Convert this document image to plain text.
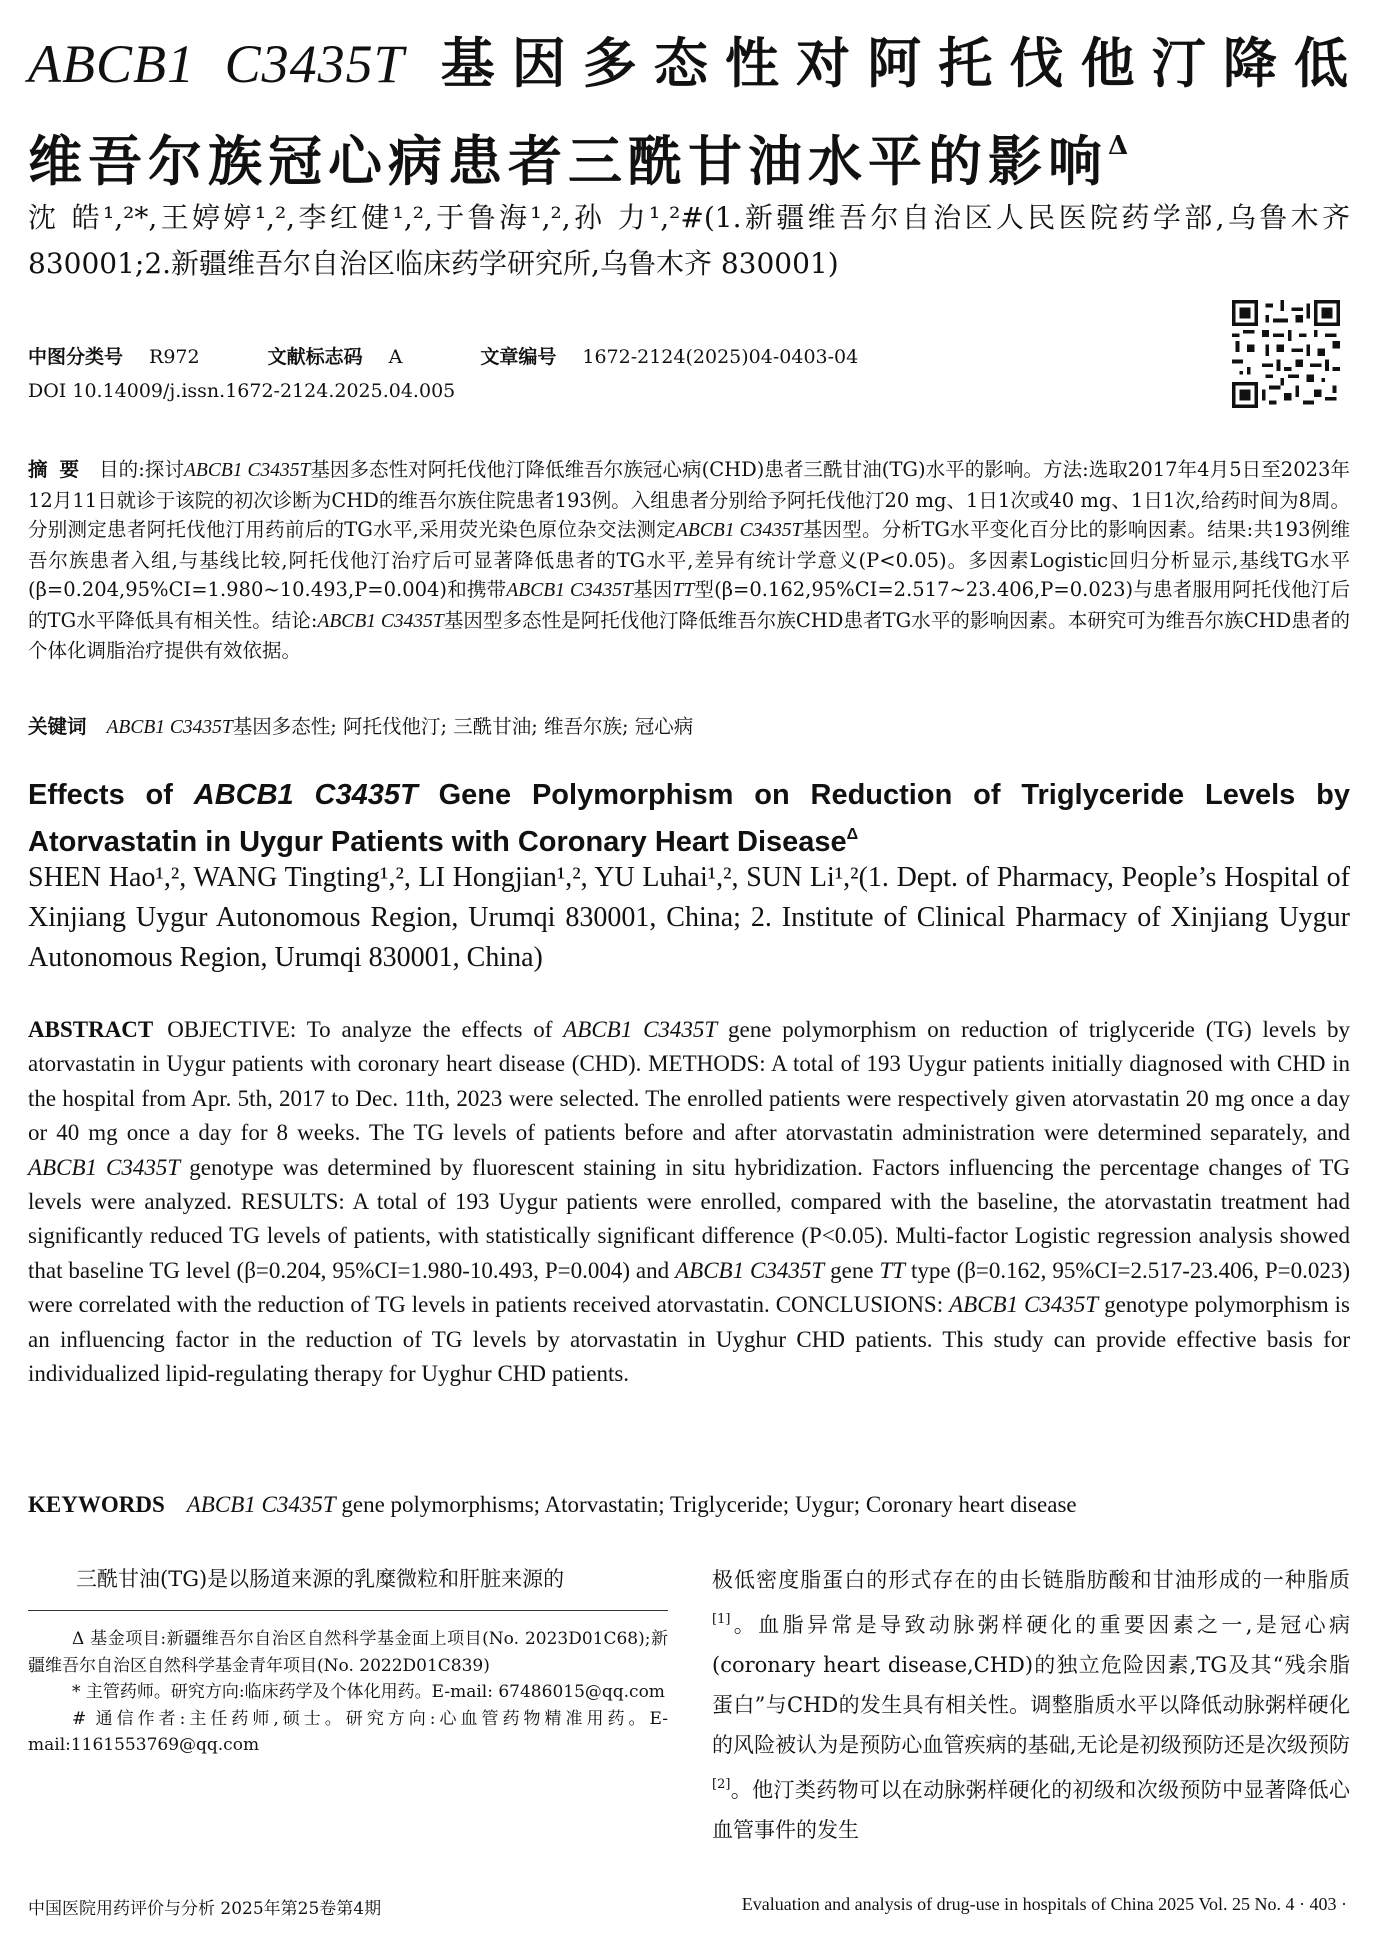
ABCB1 C3435T 基因多态性对阿托伐他汀降低
维吾尔族冠心病患者三酰甘油水平的影响$^\Delta$
沈 皓¹,²*,王婷婷¹,²,李红健¹,²,于鲁海¹,²,孙 力¹,²#(1.新疆维吾尔自治区人民医院药学部,乌鲁木齐
830001;2.新疆维吾尔自治区临床药学研究所,乌鲁木齐 830001)
中图分类号 R972	文献标志码 A	文章编号 1672-2124(2025)04-0403-04
DOI 10.14009/j.issn.1672-2124.2025.04.005
摘要 目的:探讨ABCB1 C3435T基因多态性对阿托伐他汀降低维吾尔族冠心病(CHD)患者三酰甘油(TG)水平的影响。方法:选取2017年4月5日至2023年12月11日就诊于该院的初次诊断为CHD的维吾尔族住院患者193例。入组患者分别给予阿托伐他汀20 mg、1日1次或40 mg、1日1次,给药时间为8周。分别测定患者阿托伐他汀用药前后的TG水平,采用荧光染色原位杂交法测定ABCB1 C3435T基因型。分析TG水平变化百分比的影响因素。结果:共193例维吾尔族患者入组,与基线比较,阿托伐他汀治疗后可显著降低患者的TG水平,差异有统计学意义(P<0.05)。多因素Logistic回归分析显示,基线TG水平(β=0.204,95%CI=1.980~10.493,P=0.004)和携带ABCB1 C3435T基因TT型(β=0.162,95%CI=2.517~23.406,P=0.023)与患者服用阿托伐他汀后的TG水平降低具有相关性。结论:ABCB1 C3435T基因型多态性是阿托伐他汀降低维吾尔族CHD患者TG水平的影响因素。本研究可为维吾尔族CHD患者的个体化调脂治疗提供有效依据。
关键词 ABCB1 C3435T基因多态性; 阿托伐他汀; 三酰甘油; 维吾尔族; 冠心病
Effects of ABCB1 C3435T Gene Polymorphism on Reduction of Triglyceride Levels by
Atorvastatin in Uygur Patients with Coronary Heart Disease$^\Delta$
SHEN Hao¹,², WANG Tingting¹,², LI Hongjian¹,², YU Luhai¹,², SUN Li¹,²(1. Dept. of Pharmacy, People’s Hospital of Xinjiang Uygur Autonomous Region, Urumqi 830001, China; 2. Institute of Clinical Pharmacy of Xinjiang Uygur Autonomous Region, Urumqi 830001, China)
ABSTRACT OBJECTIVE: To analyze the effects of ABCB1 C3435T gene polymorphism on reduction of triglyceride (TG) levels by atorvastatin in Uygur patients with coronary heart disease (CHD). METHODS: A total of 193 Uygur patients initially diagnosed with CHD in the hospital from Apr. 5th, 2017 to Dec. 11th, 2023 were selected. The enrolled patients were respectively given atorvastatin 20 mg once a day or 40 mg once a day for 8 weeks. The TG levels of patients before and after atorvastatin administration were determined separately, and ABCB1 C3435T genotype was determined by fluorescent staining in situ hybridization. Factors influencing the percentage changes of TG levels were analyzed. RESULTS: A total of 193 Uygur patients were enrolled, compared with the baseline, the atorvastatin treatment had significantly reduced TG levels of patients, with statistically significant difference (P<0.05). Multi-factor Logistic regression analysis showed that baseline TG level (β=0.204, 95%CI=1.980-10.493, P=0.004) and ABCB1 C3435T gene TT type (β=0.162, 95%CI=2.517-23.406, P=0.023) were correlated with the reduction of TG levels in patients received atorvastatin. CONCLUSIONS: ABCB1 C3435T genotype polymorphism is an influencing factor in the reduction of TG levels by atorvastatin in Uyghur CHD patients. This study can provide effective basis for individualized lipid-regulating therapy for Uyghur CHD patients.
KEYWORDS ABCB1 C3435T gene polymorphisms; Atorvastatin; Triglyceride; Uygur; Coronary heart disease
三酰甘油(TG)是以肠道来源的乳糜微粒和肝脏来源的

Δ 基金项目:新疆维吾尔自治区自然科学基金面上项目(No. 2023D01C68);新疆维吾尔自治区自然科学基金青年项目(No. 2022D01C839)

* 主管药师。研究方向:临床药学及个体化用药。E-mail: 67486015@qq.com

# 通信作者:主任药师,硕士。研究方向:心血管药物精准用药。E-mail:1161553769@qq.com

极低密度脂蛋白的形式存在的由长链脂肪酸和甘油形成的一种脂质[1]。血脂异常是导致动脉粥样硬化的重要因素之一,是冠心病(coronary heart disease,CHD)的独立危险因素,TG及其“残余脂蛋白”与CHD的发生具有相关性。调整脂质水平以降低动脉粥样硬化的风险被认为是预防心血管疾病的基础,无论是初级预防还是次级预防[2]。他汀类药物可以在动脉粥样硬化的初级和次级预防中显著降低心血管事件的发生
中国医院用药评价与分析 2025年第25卷第4期	Evaluation and analysis of drug-use in hospitals of China 2025 Vol. 25 No. 4 · 403 ·
